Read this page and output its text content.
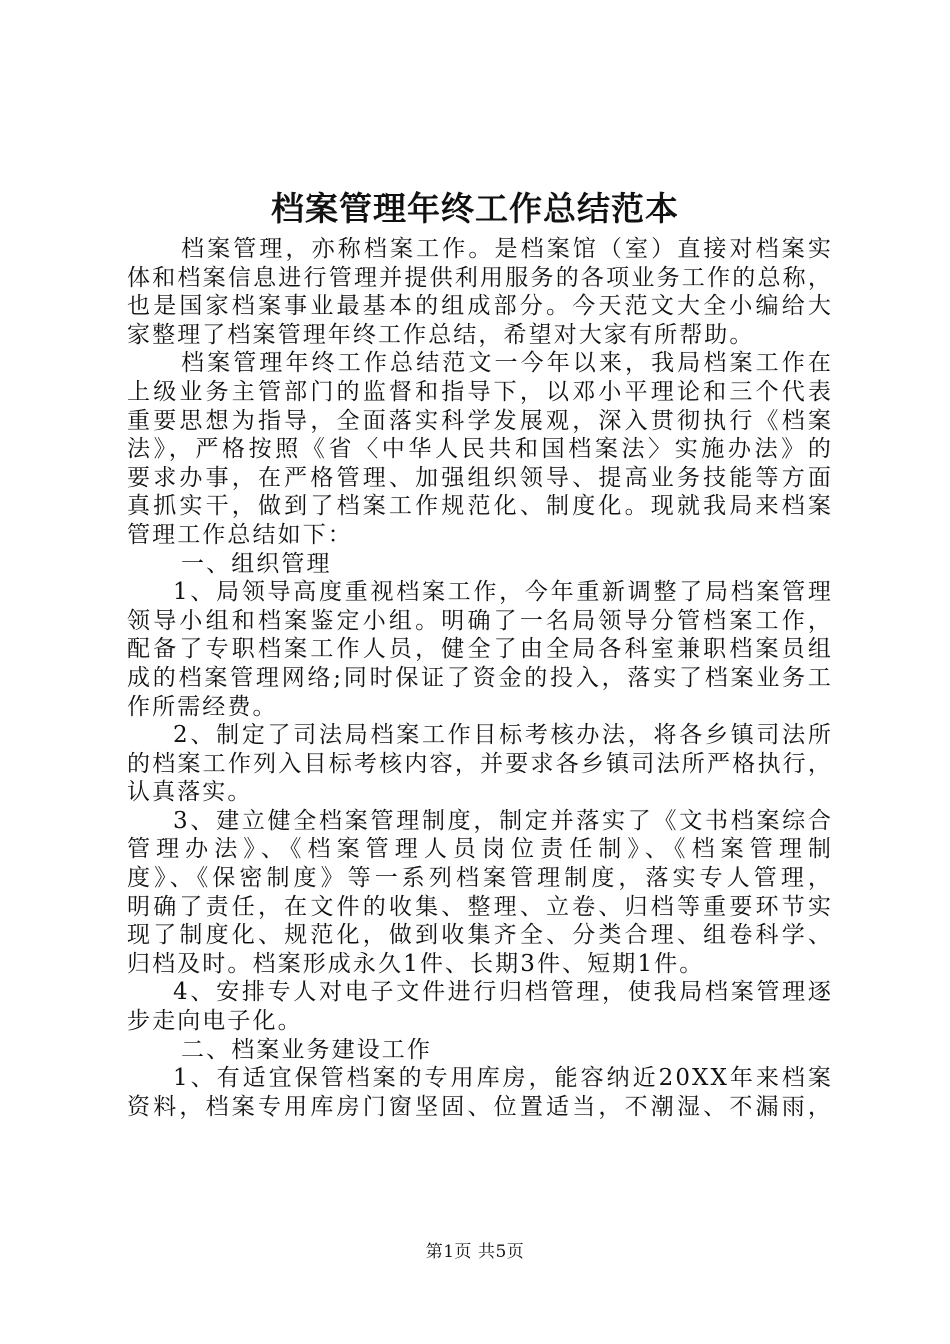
档案管理年终工作总结范本
档案管理，亦称档案工作。是档案馆（室）直接对档案实
体和档案信息进行管理并提供利用服务的各项业务工作的总称，
也是国家档案事业最基本的组成部分。今天范文大全小编给大
家整理了档案管理年终工作总结，希望对大家有所帮助。
档案管理年终工作总结范文一今年以来，我局档案工作在
上级业务主管部门的监督和指导下，以邓小平理论和三个代表
重要思想为指导，全面落实科学发展观，深入贯彻执行《档案
法》，严格按照《省〈中华人民共和国档案法〉实施办法》的
要求办事，在严格管理、加强组织领导、提高业务技能等方面
真抓实干，做到了档案工作规范化、制度化。现就我局来档案
管理工作总结如下：
一、组织管理
1、局领导高度重视档案工作，今年重新调整了局档案管理
领导小组和档案鉴定小组。明确了一名局领导分管档案工作，
配备了专职档案工作人员，健全了由全局各科室兼职档案员组
成的档案管理网络;同时保证了资金的投入，落实了档案业务工
作所需经费。
2、制定了司法局档案工作目标考核办法，将各乡镇司法所
的档案工作列入目标考核内容，并要求各乡镇司法所严格执行，
认真落实。
3、建立健全档案管理制度，制定并落实了《文书档案综合
管理办法》、《档案管理人员岗位责任制》、《档案管理制
度》、《保密制度》等一系列档案管理制度，落实专人管理，
明确了责任，在文件的收集、整理、立卷、归档等重要环节实
现了制度化、规范化，做到收集齐全、分类合理、组卷科学、
归档及时。档案形成永久1件、长期3件、短期1件。
4、安排专人对电子文件进行归档管理，使我局档案管理逐
步走向电子化。
二、档案业务建设工作
1、有适宜保管档案的专用库房，能容纳近20XX年来档案
资料，档案专用库房门窗坚固、位置适当，不潮湿、不漏雨，
第1页 共5页
